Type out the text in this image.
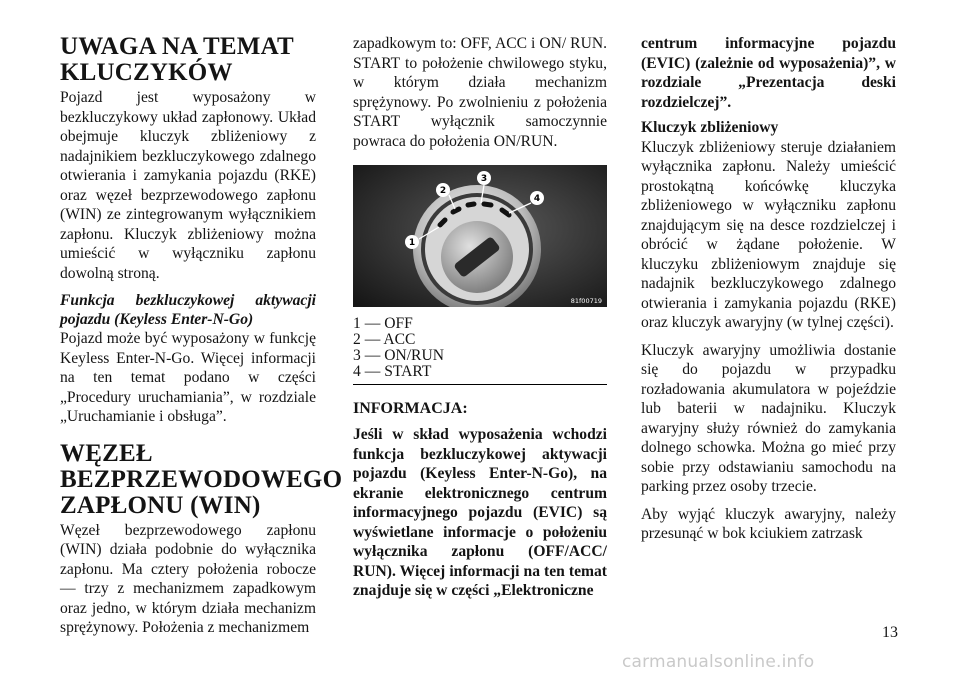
UWAGA NA TEMAT KLUCZYKÓW

Pojazd jest wyposażony w bezkluczykowy układ zapłonowy. Układ obejmuje kluczyk zbliżeniowy z nadajnikiem bezkluczykowego zdalnego otwierania i zamykania pojazdu (RKE) oraz węzeł bezprzewodowego zapłonu (WIN) ze zintegrowanym wyłącznikiem zapłonu. Kluczyk zbliżeniowy można umieścić w wyłączniku zapłonu dowolną stroną.

Funkcja bezkluczykowej aktywacji pojazdu (Keyless Enter-N-Go)

Pojazd może być wyposażony w funkcję Keyless Enter-N-Go. Więcej informacji na ten temat podano w części „Procedury uruchamiania”, w rozdziale „Uruchamianie i obsługa”.

WĘZEŁ BEZPRZEWODOWEGO ZAPŁONU (WIN)

Węzeł bezprzewodowego zapłonu (WIN) działa podobnie do wyłącznika zapłonu. Ma cztery położenia robocze — trzy z mechanizmem zapadkowym oraz jedno, w którym działa mechanizm sprężynowy. Położenia z mechanizmem

zapadkowym to: OFF, ACC i ON/ RUN. START to położenie chwilowego styku, w którym działa mechanizm sprężynowy. Po zwolnieniu z położenia START wyłącznik samoczynnie powraca do położenia ON/RUN.

1
2
3
4
81f00719
1 — OFF
2 — ACC
3 — ON/RUN
4 — START
INFORMACJA:

Jeśli w skład wyposażenia wchodzi funkcja bezkluczykowej aktywacji pojazdu (Keyless Enter-N-Go), na ekranie elektronicznego centrum informacyjnego pojazdu (EVIC) są wyświetlane informacje o położeniu wyłącznika zapłonu (OFF/ACC/ RUN). Więcej informacji na ten temat znajduje się w części „Elektroniczne

centrum informacyjne pojazdu (EVIC) (zależnie od wyposażenia)”, w rozdziale „Prezentacja deski rozdzielczej”.

Kluczyk zbliżeniowy

Kluczyk zbliżeniowy steruje działaniem wyłącznika zapłonu. Należy umieścić prostokątną końcówkę kluczyka zbliżeniowego w wyłączniku zapłonu znajdującym się na desce rozdzielczej i obrócić w żądane położenie. W kluczyku zbliżeniowym znajduje się nadajnik bezkluczykowego zdalnego otwierania i zamykania pojazdu (RKE) oraz kluczyk awaryjny (w tylnej części).

Kluczyk awaryjny umożliwia dostanie się do pojazdu w przypadku rozładowania akumulatora w pojeździe lub baterii w nadajniku. Kluczyk awaryjny służy również do zamykania dolnego schowka. Można go mieć przy sobie przy odstawianiu samochodu na parking przez osoby trzecie.

Aby wyjąć kluczyk awaryjny, należy przesunąć w bok kciukiem zatrzask

13
carmanualsonline.info
